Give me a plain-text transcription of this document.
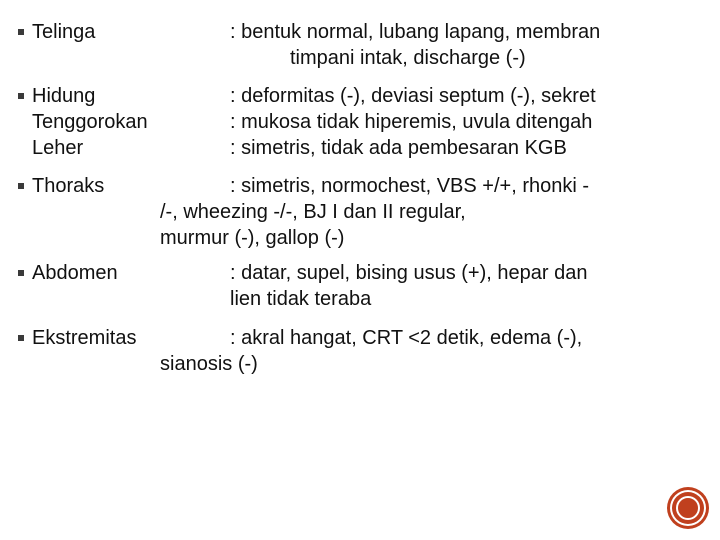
Telinga	: bentuk normal, lubang lapang, membran
timpani intak, discharge (-)
Hidung	: deformitas (-), deviasi septum (-), sekret
Tenggorokan	: mukosa tidak hiperemis, uvula ditengah
Leher	: simetris, tidak ada pembesaran KGB
Thoraks	: simetris, normochest, VBS +/+, rhonki -
/-, wheezing -/-, BJ I dan II regular,
murmur (-), gallop (-)
Abdomen	: datar, supel, bising usus (+), hepar dan
lien tidak teraba
Ekstremitas	: akral hangat, CRT <2 detik, edema (-),
sianosis (-)
